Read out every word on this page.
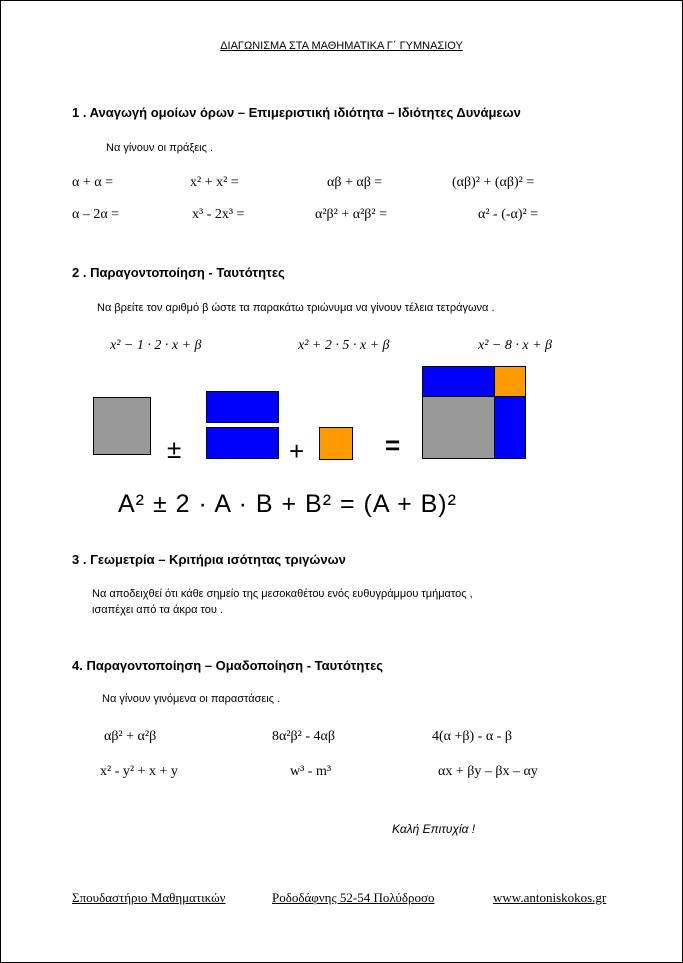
ΔΙΑΓΩΝΙΣΜΑ ΣΤΑ ΜΑΘΗΜΑΤΙΚΑ Γ΄ ΓΥΜΝΑΣΙΟΥ
1 . Αναγωγή ομοίων όρων – Επιμεριστική ιδιότητα – Ιδιότητες Δυνάμεων
Να γίνουν οι πράξεις .
α + α =	x² + x² =	αβ + αβ =	(αβ)² + (αβ)² =
α – 2α =	x³ - 2x³ =	α²β² + α²β² =	α² - (-α)² =
2 . Παραγοντοποίηση - Ταυτότητες
Να βρείτε τον αριθμό β ώστε τα παρακάτω τριώνυμα να γίνουν τέλεια τετράγωνα .
x² − 1 · 2 · x + β	x² + 2 · 5 · x + β	x² − 8 · x + β
±	+	=
A² ± 2 · A · B + B² = (A + B)²
3 . Γεωμετρία – Κριτήρια ισότητας τριγώνων
Να αποδειχθεί ότι κάθε σημείο της μεσοκαθέτου ενός ευθυγράμμου τμήματος ,
ισαπέχει από τα άκρα του .
4. Παραγοντοποίηση – Ομαδοποίηση - Ταυτότητες
Να γίνουν γινόμενα οι παραστάσεις .
αβ² + α²β	8α²β² - 4αβ	4(α +β) - α - β
x² - y² + x + y	w³ - m³	αx + βy – βx – αy
Καλή Επιτυχία !
Σπουδαστήριο Μαθηματικών	Ροδοδάφνης 52-54 Πολύδροσο	www.antoniskokos.gr
